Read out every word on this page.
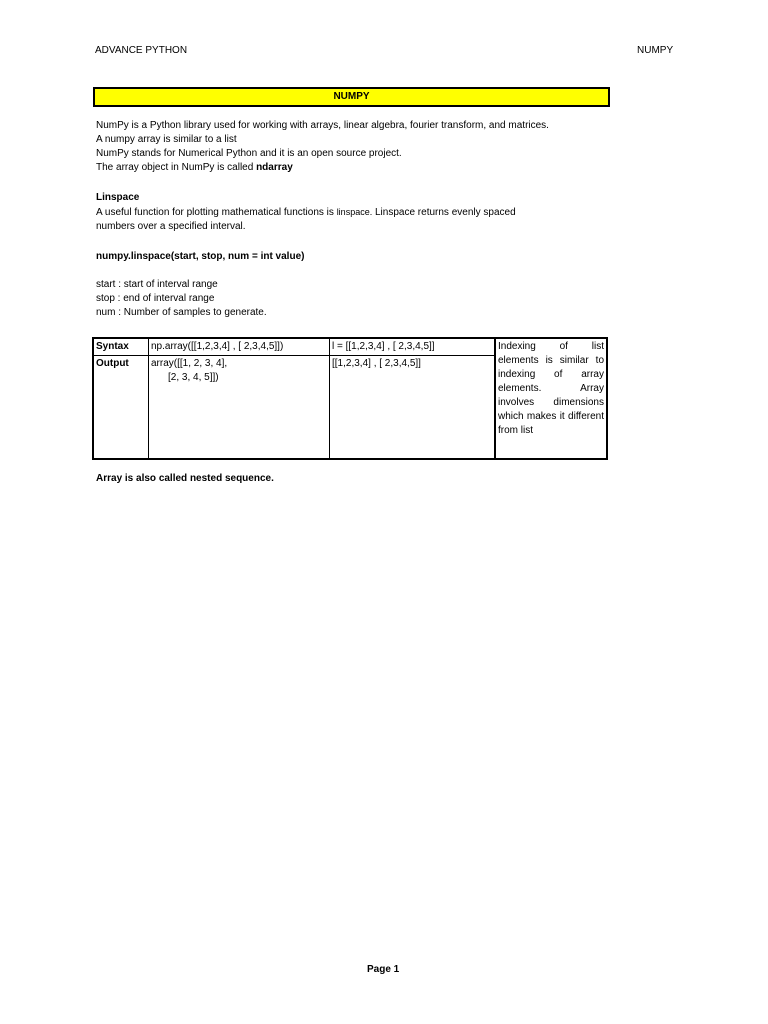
ADVANCE PYTHON	NUMPY
NUMPY
NumPy is a Python library used for working with arrays, linear algebra, fourier transform, and matrices.
A numpy array is similar to a list
NumPy stands for Numerical Python and it is an open source project.
The array object in NumPy is called ndarray
Linspace
A useful function for plotting mathematical functions is linspace. Linspace returns evenly spaced
numbers over a specified interval.
numpy.linspace(start, stop, num = int value)
start : start of interval range
stop : end of interval range
num : Number of samples to generate.
Syntax	np.array([[1,2,3,4] , [ 2,3,4,5]])	l = [[1,2,3,4] , [ 2,3,4,5]]	Indexing of list elements is similar to indexing of array elements. Array involves dimensions which makes it different from list
Output	array([[1, 2, 3, 4],
[2, 3, 4, 5]])	[[1,2,3,4] , [ 2,3,4,5]]	
Array is also called nested sequence.
Page 1
